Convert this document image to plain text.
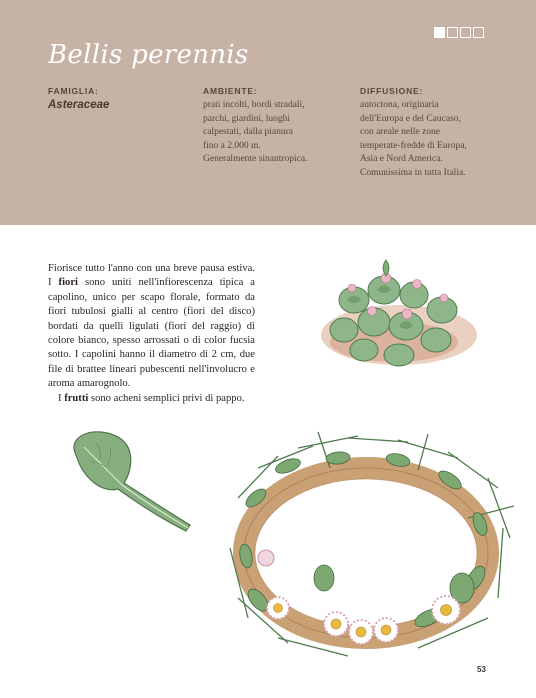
Bellis perennis
FAMIGLIA:
Asteraceae
AMBIENTE:
prati incolti, bordi stradali,
parchi, giardini, luoghi
calpestati, dalla pianura
fino a 2.000 m.
Generalmente sinantropica.
DIFFUSIONE:
autoctona, originaria
dell'Europa e del Caucaso,
con areale nelle zone
temperate-fredde di Europa,
Asia e Nord America.
Comunissima in tutta Italia.

Fiorisce tutto l'anno con una breve pausa estiva. I fiori sono uniti nell'infiorescenza tipica a capolino, unico per scapo florale, formato da fiori tubulosi gialli al centro (fiori del disco) bordati da quelli ligulati (fiori del raggio) di colore bianco, spesso arrossati o di color fucsia sotto. I capolini hanno il diametro di 2 cm, due file di brattee lineari pubescenti nell'involucro e aroma amarognolo.

I frutti sono acheni semplici privi di pappo.

53
